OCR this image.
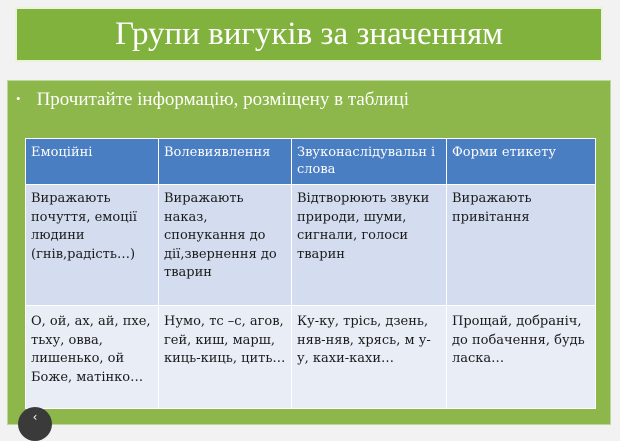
Групи вигуків за значенням
• Прочитайте інформацію, розміщену в таблиці
Емоційні	Волевиявлення	Звуконаслідувальн і слова	Форми етикету
Виражають почуття, емоції людини (гнів,радість…)	Виражають наказ, спонукання до дії,звернення до тварин	Відтворюють звуки природи, шуми, сигнали, голоси тварин	Виражають привітання
О, ой, ах, ай, пхе, тьху, овва, лишенько, ой Боже, матінко…	Нумо, тс –с, агов, гей, киш, марш, киць-киць, цить…	Ку-ку, трісь, дзень, няв-няв, хрясь, м у-у, кахи-кахи…	Прощай, добраніч, до побачення, будь ласка…
‹
